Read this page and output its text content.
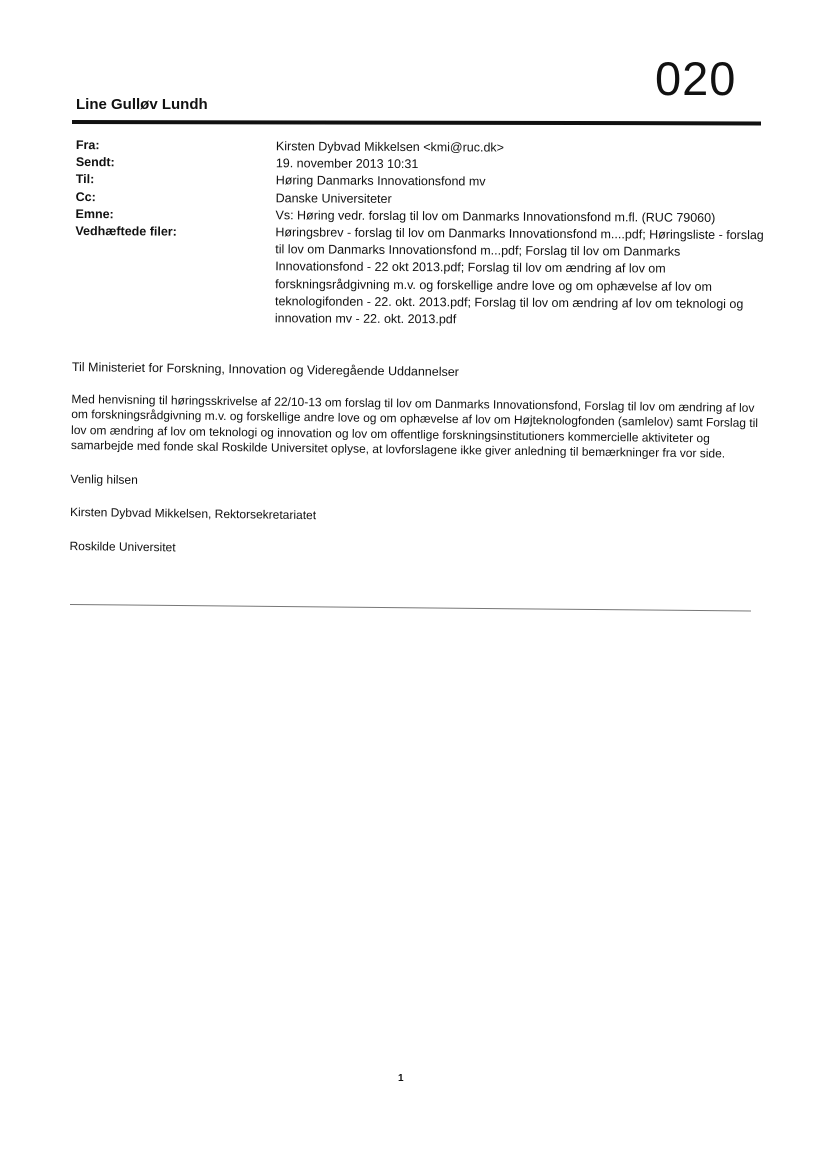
020
Line Gulløv Lundh
Fra:	Kirsten Dybvad Mikkelsen <kmi@ruc.dk>
Sendt:	19. november 2013 10:31
Til:	Høring Danmarks Innovationsfond mv
Cc:	Danske Universiteter
Emne:	Vs: Høring vedr. forslag til lov om Danmarks Innovationsfond m.fl. (RUC 79060)
Vedhæftede filer:	Høringsbrev - forslag til lov om Danmarks Innovationsfond m....pdf; Høringsliste - forslag til lov om Danmarks Innovationsfond m...pdf; Forslag til lov om Danmarks Innovationsfond - 22 okt 2013.pdf; Forslag til lov om ændring af lov om forskningsrådgivning m.v. og forskellige andre love og om ophævelse af lov om teknologifonden - 22. okt. 2013.pdf; Forslag til lov om ændring af lov om teknologi og innovation mv - 22. okt. 2013.pdf

Til Ministeriet for Forskning, Innovation og Videregående Uddannelser

Med henvisning til høringsskrivelse af 22/10-13 om forslag til lov om Danmarks Innovationsfond, Forslag til lov om ændring af lov om forskningsrådgivning m.v. og forskellige andre love og om ophævelse af lov om Højteknologfonden (samlelov) samt Forslag til lov om ændring af lov om teknologi og innovation og lov om offentlige forskningsinstitutioners kommercielle aktiviteter og samarbejde med fonde skal Roskilde Universitet oplyse, at lovforslagene ikke giver anledning til bemærkninger fra vor side.

Venlig hilsen

Kirsten Dybvad Mikkelsen, Rektorsekretariatet

Roskilde Universitet

1
